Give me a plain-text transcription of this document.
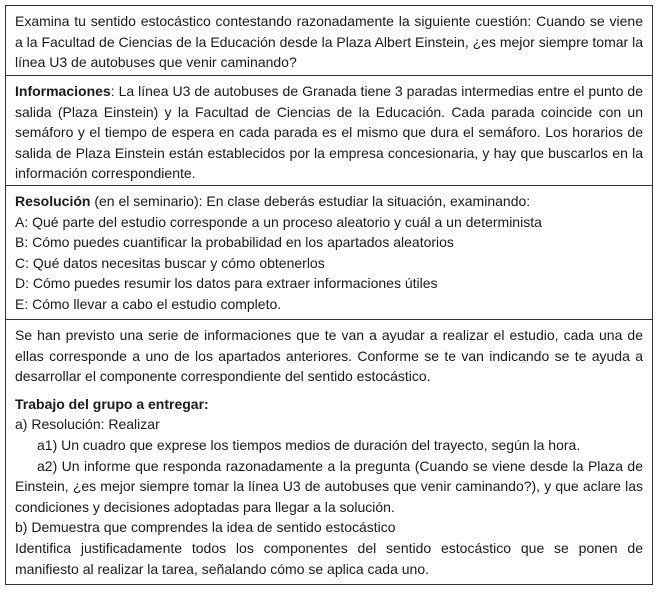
Examina tu sentido estocástico contestando razonadamente la siguiente cuestión: Cuando se viene a la Facultad de Ciencias de la Educación desde la Plaza Albert Einstein, ¿es mejor siempre tomar la línea U3 de autobuses que venir caminando?

Informaciones: La línea U3 de autobuses de Granada tiene 3 paradas intermedias entre el punto de salida (Plaza Einstein) y la Facultad de Ciencias de la Educación. Cada parada coincide con un semáforo y el tiempo de espera en cada parada es el mismo que dura el semáforo. Los horarios de salida de Plaza Einstein están establecidos por la empresa concesionaria, y hay que buscarlos en la información correspondiente.

Resolución (en el seminario): En clase deberás estudiar la situación, examinando:

A: Qué parte del estudio corresponde a un proceso aleatorio y cuál a un determinista

B: Cómo puedes cuantificar la probabilidad en los apartados aleatorios

C: Qué datos necesitas buscar y cómo obtenerlos

D: Cómo puedes resumir los datos para extraer informaciones útiles

E: Cómo llevar a cabo el estudio completo.

Se han previsto una serie de informaciones que te van a ayudar a realizar el estudio, cada una de ellas corresponde a uno de los apartados anteriores. Conforme se te van indicando se te ayuda a desarrollar el componente correspondiente del sentido estocástico.

Trabajo del grupo a entregar:

a) Resolución: Realizar

a1) Un cuadro que exprese los tiempos medios de duración del trayecto, según la hora.

a2) Un informe que responda razonadamente a la pregunta (Cuando se viene desde la Plaza de Einstein, ¿es mejor siempre tomar la línea U3 de autobuses que venir caminando?), y que aclare las condiciones y decisiones adoptadas para llegar a la solución.

b) Demuestra que comprendes la idea de sentido estocástico

Identifica justificadamente todos los componentes del sentido estocástico que se ponen de manifiesto al realizar la tarea, señalando cómo se aplica cada uno.
